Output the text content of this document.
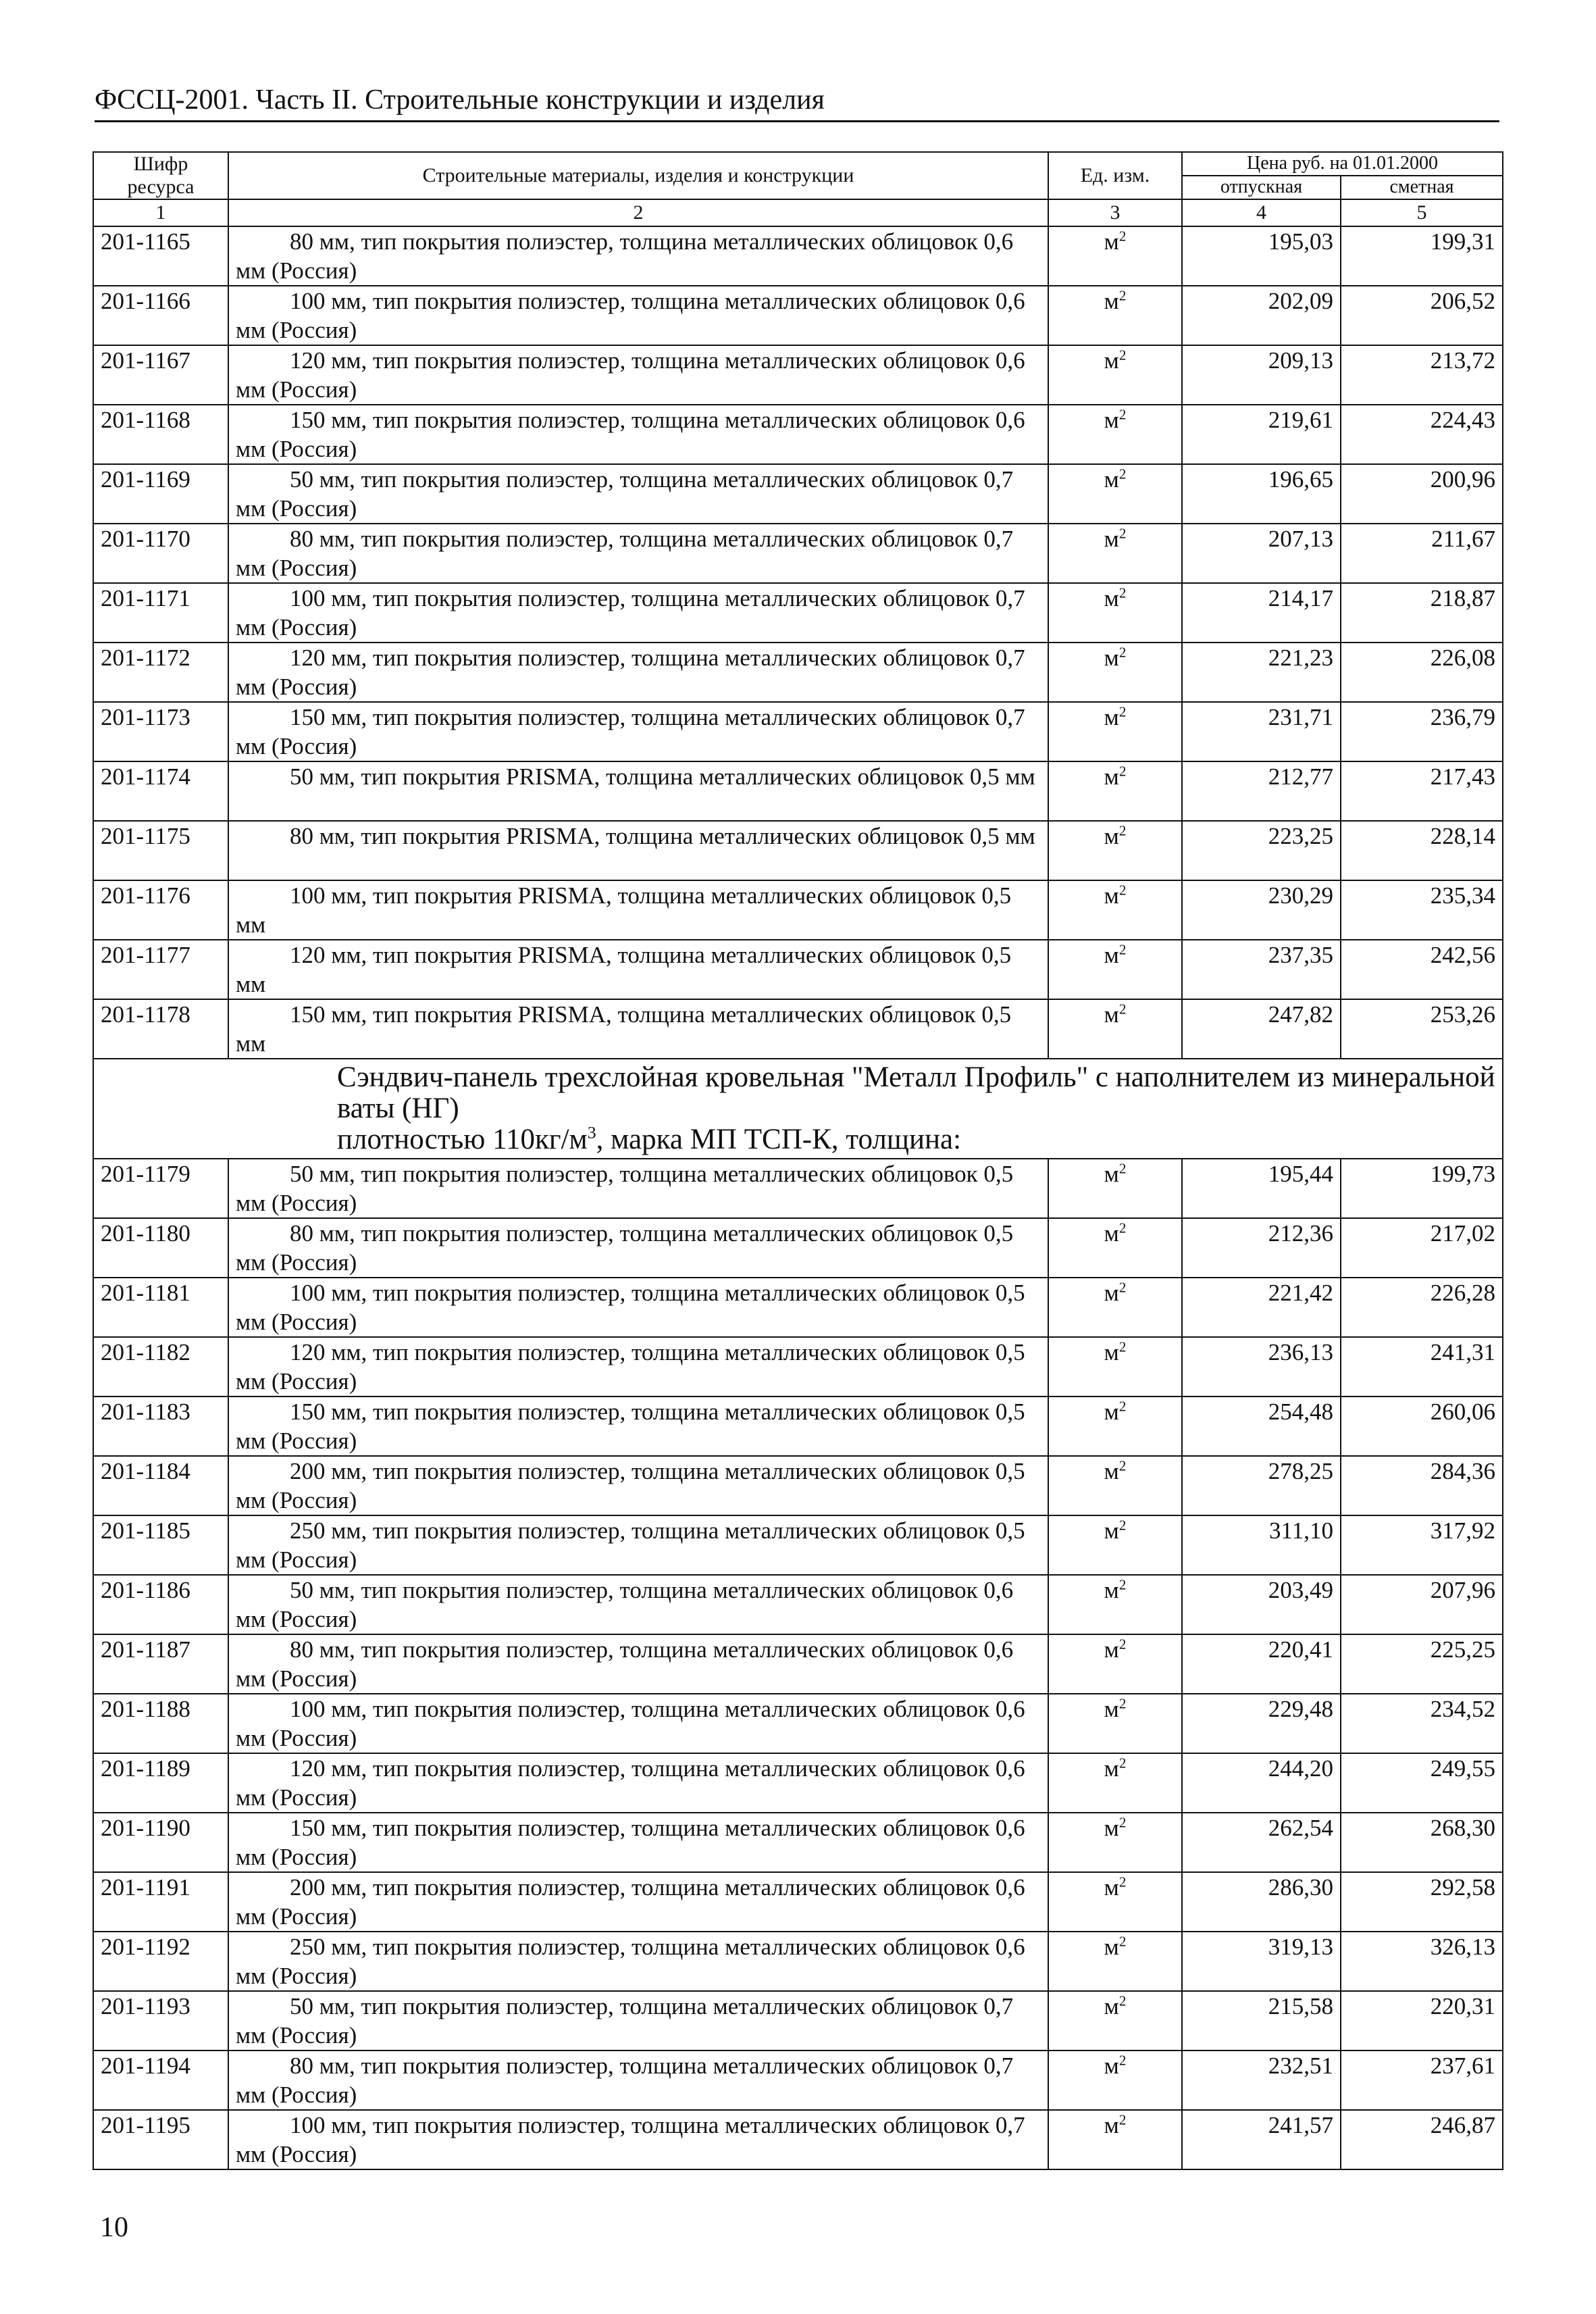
ФССЦ-2001. Часть II. Строительные конструкции и изделия
Шифр ресурса	Строительные материалы, изделия и конструкции	Ед. изм.	Цена руб. на 01.01.2000	
			отпускная	сметная
1	2	3	4	5
201-1165	80 мм, тип покрытия полиэстер, толщина металлических облицовок 0,6 мм (Россия)	$м^2$	195,03	199,31
201-1166	100 мм, тип покрытия полиэстер, толщина металлических облицовок 0,6 мм (Россия)	$м^2$	202,09	206,52
201-1167	120 мм, тип покрытия полиэстер, толщина металлических облицовок 0,6 мм (Россия)	$м^2$	209,13	213,72
201-1168	150 мм, тип покрытия полиэстер, толщина металлических облицовок 0,6 мм (Россия)	$м^2$	219,61	224,43
201-1169	50 мм, тип покрытия полиэстер, толщина металлических облицовок 0,7 мм (Россия)	$м^2$	196,65	200,96
201-1170	80 мм, тип покрытия полиэстер, толщина металлических облицовок 0,7 мм (Россия)	$м^2$	207,13	211,67
201-1171	100 мм, тип покрытия полиэстер, толщина металлических облицовок 0,7 мм (Россия)	$м^2$	214,17	218,87
201-1172	120 мм, тип покрытия полиэстер, толщина металлических облицовок 0,7 мм (Россия)	$м^2$	221,23	226,08
201-1173	150 мм, тип покрытия полиэстер, толщина металлических облицовок 0,7 мм (Россия)	$м^2$	231,71	236,79
201-1174	50 мм, тип покрытия PRISMA, толщина металлических облицовок 0,5 мм	$м^2$	212,77	217,43
201-1175	80 мм, тип покрытия PRISMA, толщина металлических облицовок 0,5 мм	$м^2$	223,25	228,14
201-1176	100 мм, тип покрытия PRISMA, толщина металлических облицовок 0,5 мм	$м^2$	230,29	235,34
201-1177	120 мм, тип покрытия PRISMA, толщина металлических облицовок 0,5 мм	$м^2$	237,35	242,56
201-1178	150 мм, тип покрытия PRISMA, толщина металлических облицовок 0,5 мм	$м^2$	247,82	253,26

Сэндвич-панель трехслойная кровельная "Металл Профиль" с наполнителем из минеральной ваты (НГ)
плотностью $110кг/м^3$, марка МП ТСП-К, толщина:				

201-1179	50 мм, тип покрытия полиэстер, толщина металлических облицовок 0,5 мм (Россия)	$м^2$	195,44	199,73
201-1180	80 мм, тип покрытия полиэстер, толщина металлических облицовок 0,5 мм (Россия)	$м^2$	212,36	217,02
201-1181	100 мм, тип покрытия полиэстер, толщина металлических облицовок 0,5 мм (Россия)	$м^2$	221,42	226,28
201-1182	120 мм, тип покрытия полиэстер, толщина металлических облицовок 0,5 мм (Россия)	$м^2$	236,13	241,31
201-1183	150 мм, тип покрытия полиэстер, толщина металлических облицовок 0,5 мм (Россия)	$м^2$	254,48	260,06
201-1184	200 мм, тип покрытия полиэстер, толщина металлических облицовок 0,5 мм (Россия)	$м^2$	278,25	284,36
201-1185	250 мм, тип покрытия полиэстер, толщина металлических облицовок 0,5 мм (Россия)	$м^2$	311,10	317,92
201-1186	50 мм, тип покрытия полиэстер, толщина металлических облицовок 0,6 мм (Россия)	$м^2$	203,49	207,96
201-1187	80 мм, тип покрытия полиэстер, толщина металлических облицовок 0,6 мм (Россия)	$м^2$	220,41	225,25
201-1188	100 мм, тип покрытия полиэстер, толщина металлических облицовок 0,6 мм (Россия)	$м^2$	229,48	234,52
201-1189	120 мм, тип покрытия полиэстер, толщина металлических облицовок 0,6 мм (Россия)	$м^2$	244,20	249,55
201-1190	150 мм, тип покрытия полиэстер, толщина металлических облицовок 0,6 мм (Россия)	$м^2$	262,54	268,30
201-1191	200 мм, тип покрытия полиэстер, толщина металлических облицовок 0,6 мм (Россия)	$м^2$	286,30	292,58
201-1192	250 мм, тип покрытия полиэстер, толщина металлических облицовок 0,6 мм (Россия)	$м^2$	319,13	326,13
201-1193	50 мм, тип покрытия полиэстер, толщина металлических облицовок 0,7 мм (Россия)	$м^2$	215,58	220,31
201-1194	80 мм, тип покрытия полиэстер, толщина металлических облицовок 0,7 мм (Россия)	$м^2$	232,51	237,61
201-1195	100 мм, тип покрытия полиэстер, толщина металлических облицовок 0,7 мм (Россия)	$м^2$	241,57	246,87
10
